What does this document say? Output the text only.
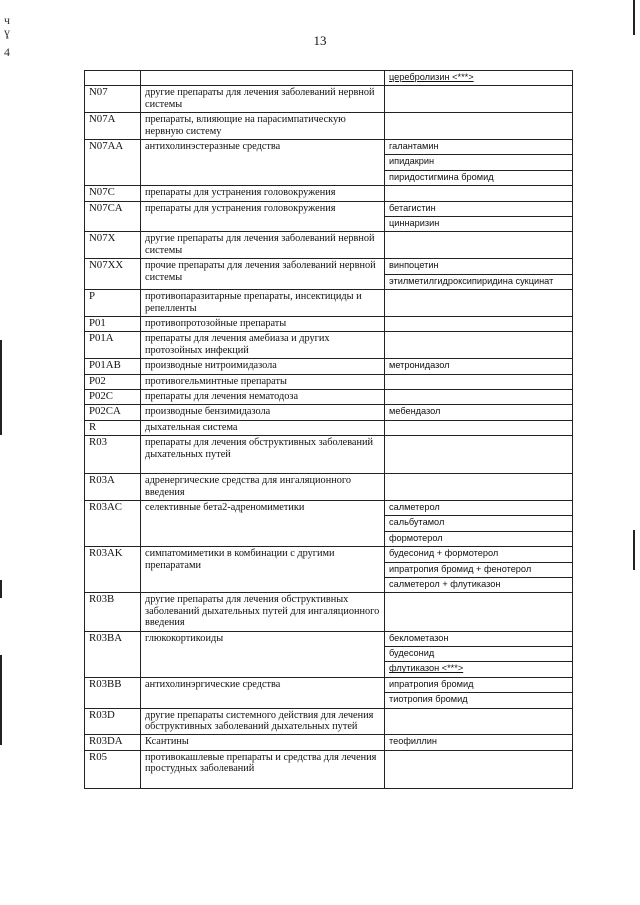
13
ч
ɣ
4
		церебролизин <***>
N07	другие препараты для лечения заболеваний нервной системы	
N07A	препараты, влияющие на парасимпатическую нервную систему	
N07AA	антихолинэстеразные средства	галантамин
		ипидакрин
		пиридостигмина бромид
N07C	препараты для устранения головокружения	
N07CA	препараты для устранения головокружения	бетагистин
		циннаризин
N07X	другие препараты для лечения заболеваний нервной системы	
N07XX	прочие препараты для лечения заболеваний нервной системы	винпоцетин
		этилметилгидроксипиридина сукцинат
P	противопаразитарные препараты, инсектициды и репелленты	
P01	противопротозойные препараты	
P01A	препараты для лечения амебиаза и других протозойных инфекций	
P01AB	производные нитроимидазола	метронидазол
P02	противогельминтные препараты	
P02C	препараты для лечения нематодоза	
P02CA	производные бензимидазола	мебендазол
R	дыхательная система	
R03	препараты для лечения обструктивных заболеваний дыхательных путей	
R03A	адренергические средства для ингаляционного введения	
R03AC	селективные бета2-адреномиметики	салметерол
		сальбутамол
		формотерол
R03AK	симпатомиметики в комбинации с другими препаратами	будесонид + формотерол
		ипратропия бромид + фенотерол
		салметерол + флутиказон
R03B	другие препараты для лечения обструктивных заболеваний дыхательных путей для ингаляционного введения	
R03BA	глюкокортикоиды	беклометазон
		будесонид
		флутиказон <***>
R03BB	антихолинэргические средства	ипратропия бромид
		тиотропия бромид
R03D	другие препараты системного действия для лечения обструктивных заболеваний дыхательных путей	
R03DA	Ксантины	теофиллин
R05	противокашлевые препараты и средства для лечения простудных заболеваний	
